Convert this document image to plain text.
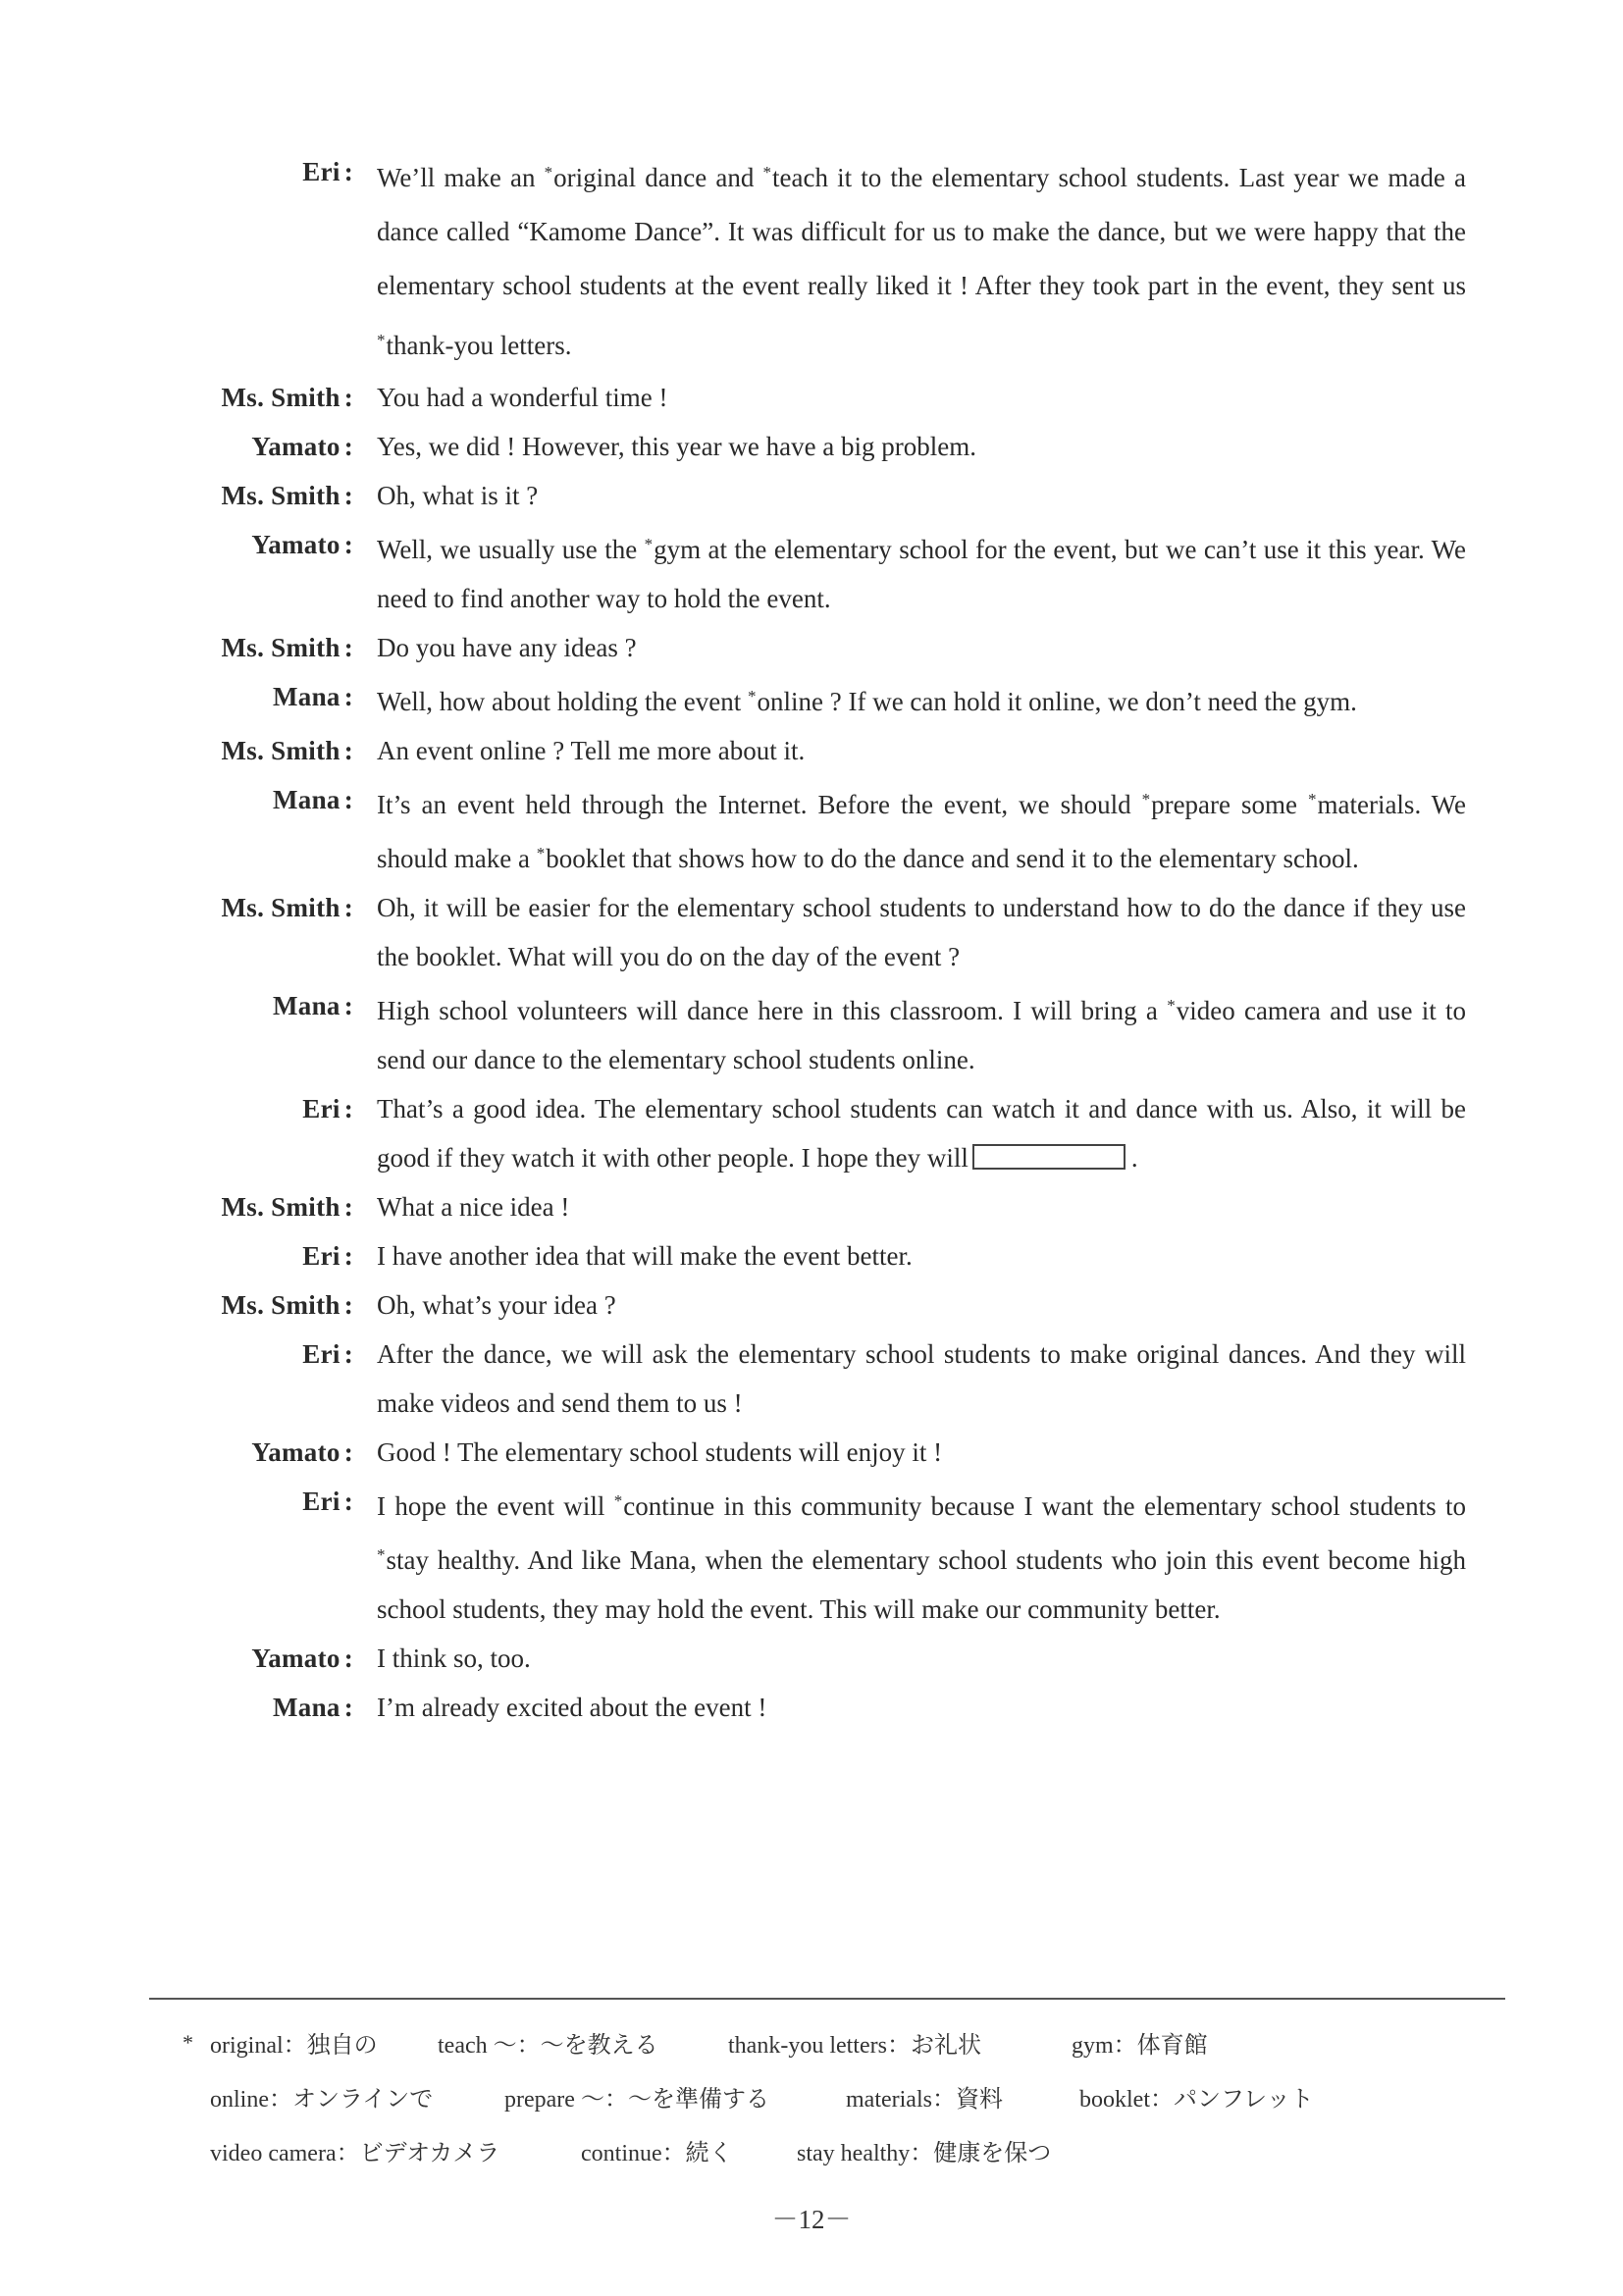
Eri :	We’ll make an *original dance and *teach it to the elementary school students. Last year we made a dance called “Kamome Dance”. It was difficult for us to make the dance, but we were happy that the elementary school students at the event really liked it ! After they took part in the event, they sent us *thank-you letters.
Ms. Smith :	You had a wonderful time !
Yamato :	Yes, we did ! However, this year we have a big problem.
Ms. Smith :	Oh, what is it ?
Yamato :	Well, we usually use the *gym at the elementary school for the event, but we can’t use it this year. We need to find another way to hold the event.
Ms. Smith :	Do you have any ideas ?
Mana :	Well, how about holding the event *online ? If we can hold it online, we don’t need the gym.
Ms. Smith :	An event online ? Tell me more about it.
Mana :	It’s an event held through the Internet. Before the event, we should *prepare some *materials. We should make a *booklet that shows how to do the dance and send it to the elementary school.
Ms. Smith :	Oh, it will be easier for the elementary school students to understand how to do the dance if they use the booklet. What will you do on the day of the event ?
Mana :	High school volunteers will dance here in this classroom. I will bring a *video camera and use it to send our dance to the elementary school students online.
Eri :	That’s a good idea. The elementary school students can watch it and dance with us. Also, it will be good if they watch it with other people. I hope they will	.
Ms. Smith :	What a nice idea !
Eri :	I have another idea that will make the event better.
Ms. Smith :	Oh, what’s your idea ?
Eri :	After the dance, we will ask the elementary school students to make original dances. And they will make videos and send them to us !
Yamato :	Good ! The elementary school students will enjoy it !
Eri :	I hope the event will *continue in this community because I want the elementary school students to *stay healthy. And like Mana, when the elementary school students who join this event become high school students, they may hold the event. This will make our community better.
Yamato :	I think so, too.
Mana :	I’m already excited about the event !
* original：独自の	teach ～：～を教える	thank-you letters：お礼状	gym：体育館
online：オンラインで	prepare ～：～を準備する	materials：資料	booklet：パンフレット
video camera：ビデオカメラ	continue：続く	stay healthy：健康を保つ
－12－
